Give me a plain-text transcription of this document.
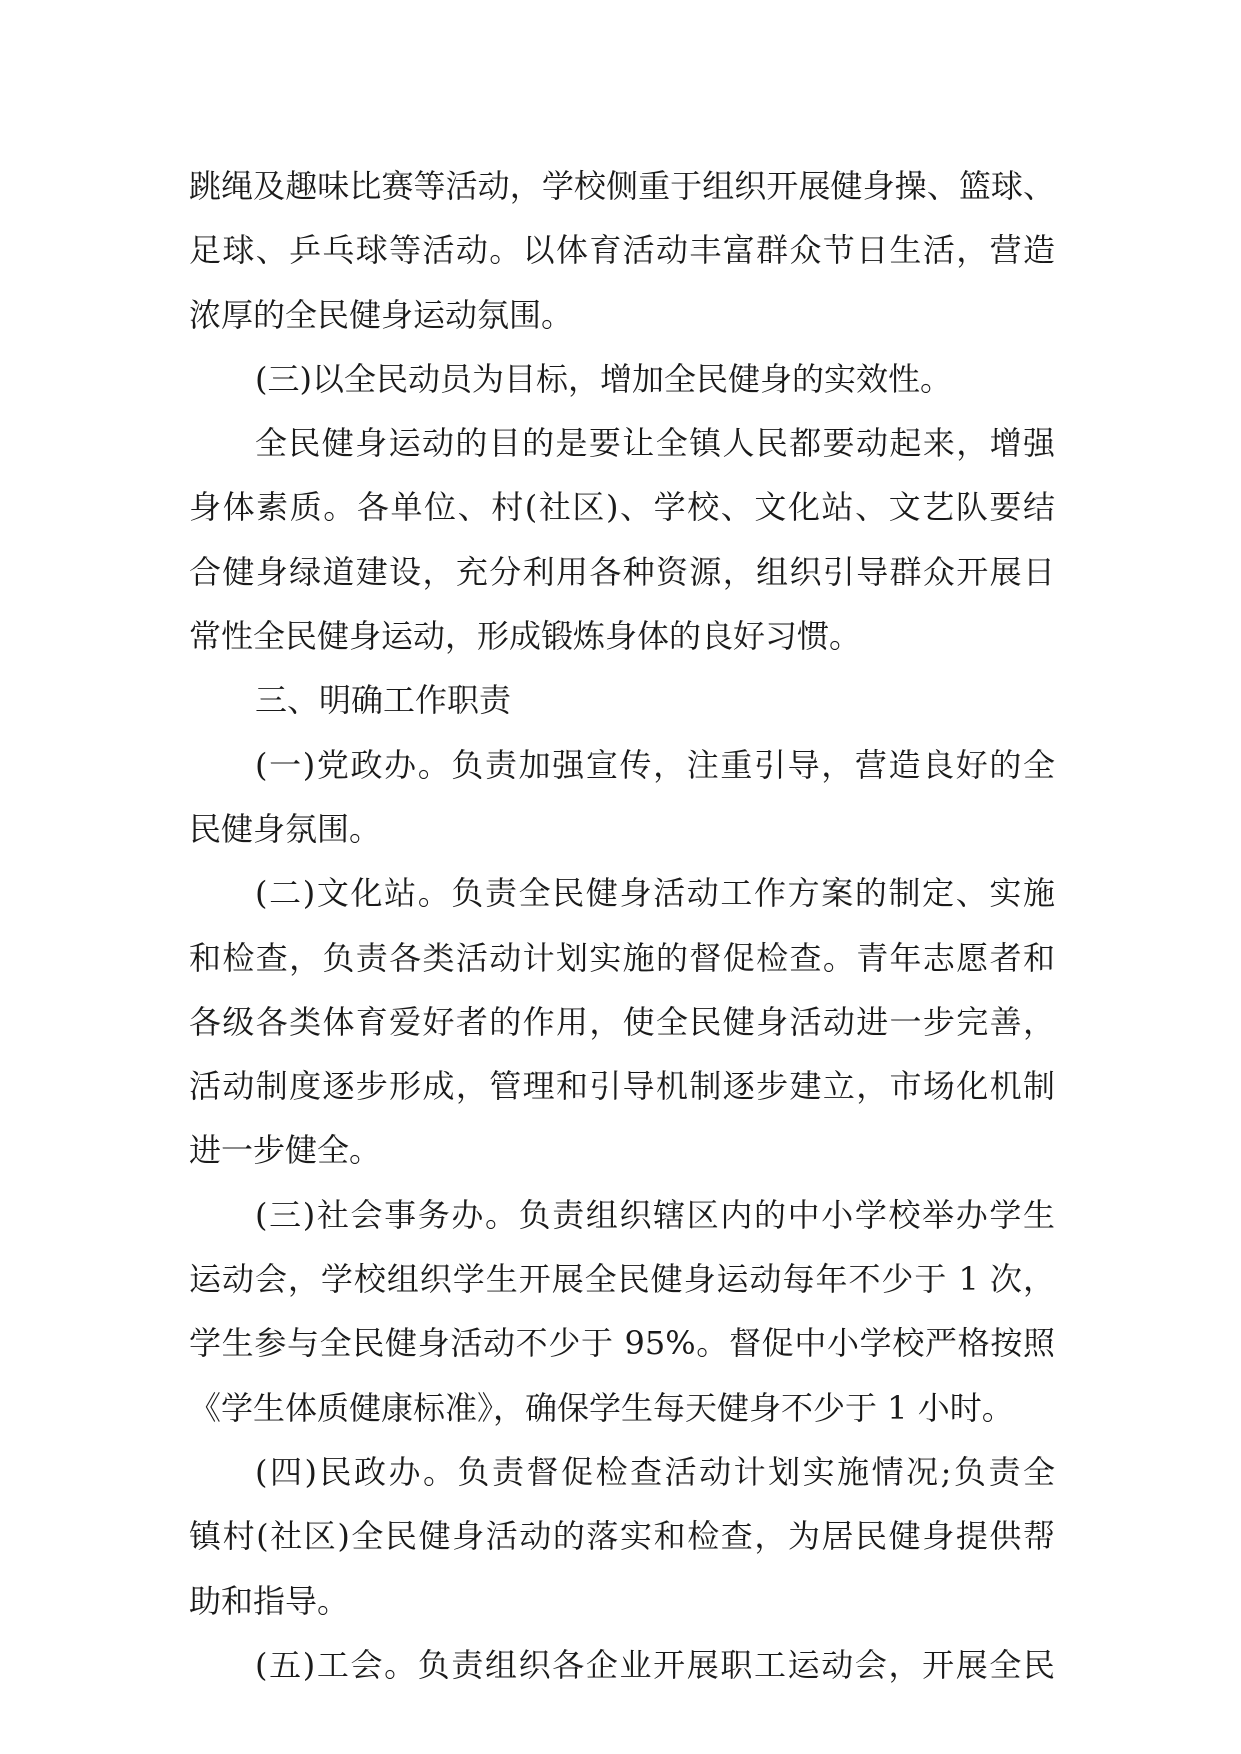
跳绳及趣味比赛等活动，学校侧重于组织开展健身操、篮球、
足球、乒乓球等活动。以体育活动丰富群众节日生活，营造
浓厚的全民健身运动氛围。
(三)以全民动员为目标，增加全民健身的实效性。
全民健身运动的目的是要让全镇人民都要动起来，增强
身体素质。各单位、村(社区)、学校、文化站、文艺队要结
合健身绿道建设，充分利用各种资源，组织引导群众开展日
常性全民健身运动，形成锻炼身体的良好习惯。
三、明确工作职责
(一)党政办。负责加强宣传，注重引导，营造良好的全
民健身氛围。
(二)文化站。负责全民健身活动工作方案的制定、实施
和检查，负责各类活动计划实施的督促检查。青年志愿者和
各级各类体育爱好者的作用，使全民健身活动进一步完善，
活动制度逐步形成，管理和引导机制逐步建立，市场化机制
进一步健全。
(三)社会事务办。负责组织辖区内的中小学校举办学生
运动会，学校组织学生开展全民健身运动每年不少于 1 次，
学生参与全民健身活动不少于 95%。督促中小学校严格按照
《学生体质健康标准》，确保学生每天健身不少于 1 小时。
(四)民政办。负责督促检查活动计划实施情况;负责全
镇村(社区)全民健身活动的落实和检查，为居民健身提供帮
助和指导。
(五)工会。负责组织各企业开展职工运动会，开展全民
